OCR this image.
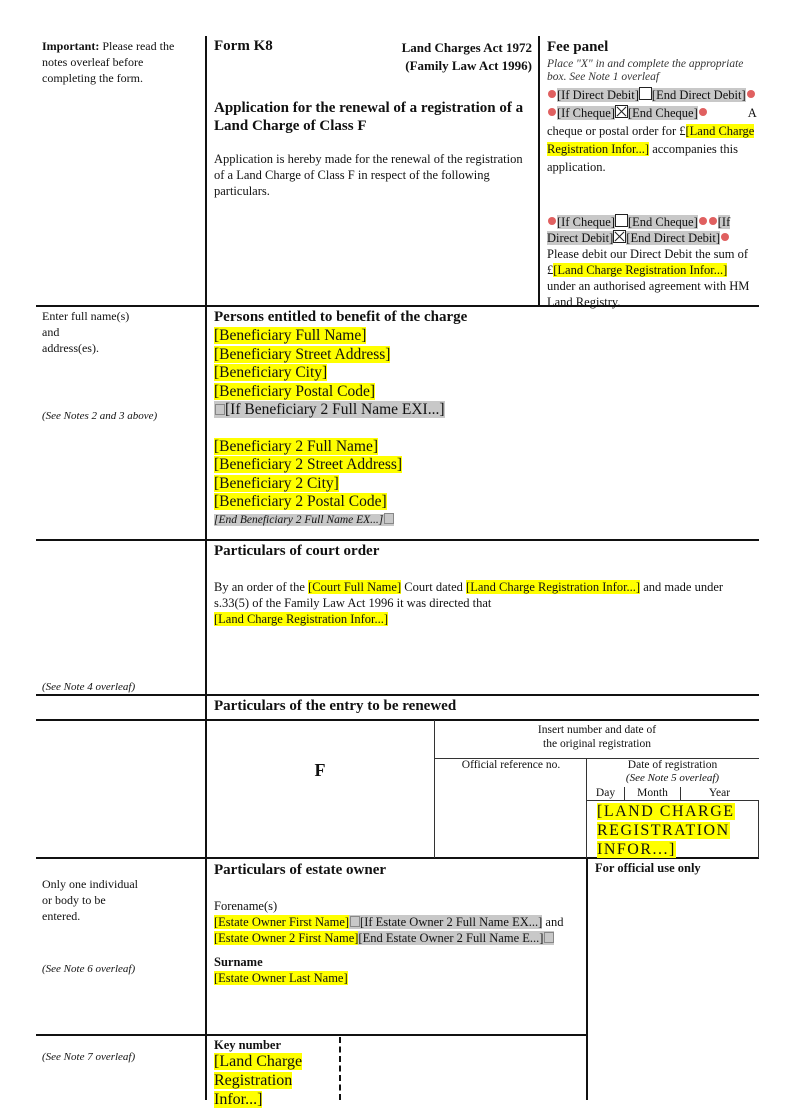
Important: Please read the notes overleaf before completing the form.
Enter full name(s)
and
address(es).
(See Notes 2 and 3 above)
(See Note 4 overleaf)
Only one individual
or body to be
entered.
(See Note 6 overleaf)
(See Note 7 overleaf)
Form K8	Land Charges Act 1972
(Family Law Act 1996)
Application for the renewal of a registration of a Land Charge of Class F
Application is hereby made for the renewal of the registration of a Land Charge of Class F in respect of the following particulars.
Fee panel
Place "X" in and complete the appropriate box. See Note 1 overleaf
[If Direct Debit] [End Direct Debit][If Cheque] [End Cheque]	A cheque or postal order for £[Land Charge Registration Infor...] accompanies this application.
[If Cheque] [End Cheque] [If Direct Debit] [End Direct Debit] Please debit our Direct Debit the sum of £[Land Charge Registration Infor...] under an authorised agreement with HM Land Registry.
Persons entitled to benefit of the charge
[Beneficiary Full Name]
[Beneficiary Street Address]
[Beneficiary City]
[Beneficiary Postal Code]
[If Beneficiary 2 Full Name EXI...]
[Beneficiary 2 Full Name]
[Beneficiary 2 Street Address]
[Beneficiary 2 City]
[Beneficiary 2 Postal Code]
[End Beneficiary 2 Full Name EX...]
Particulars of court order
By an order of the [Court Full Name] Court dated [Land Charge Registration Infor...] and made under s.33(5) of the Family Law Act 1996 it was directed that
[Land Charge Registration Infor...]
Particulars of the entry to be renewed
F
Insert number and date of
the original registration
Official reference no.	Date of registration
(See Note 5 overleaf)
Day	Month	Year
[LAND CHARGE REGISTRATION INFOR...]
Particulars of estate owner
Forename(s)
[Estate Owner First Name] [If Estate Owner 2 Full Name EX...] and [Estate Owner 2 First Name][End Estate Owner 2 Full Name E...]
Surname
[Estate Owner Last Name]
For official use only
Key number
[Land Charge Registration Infor...]
